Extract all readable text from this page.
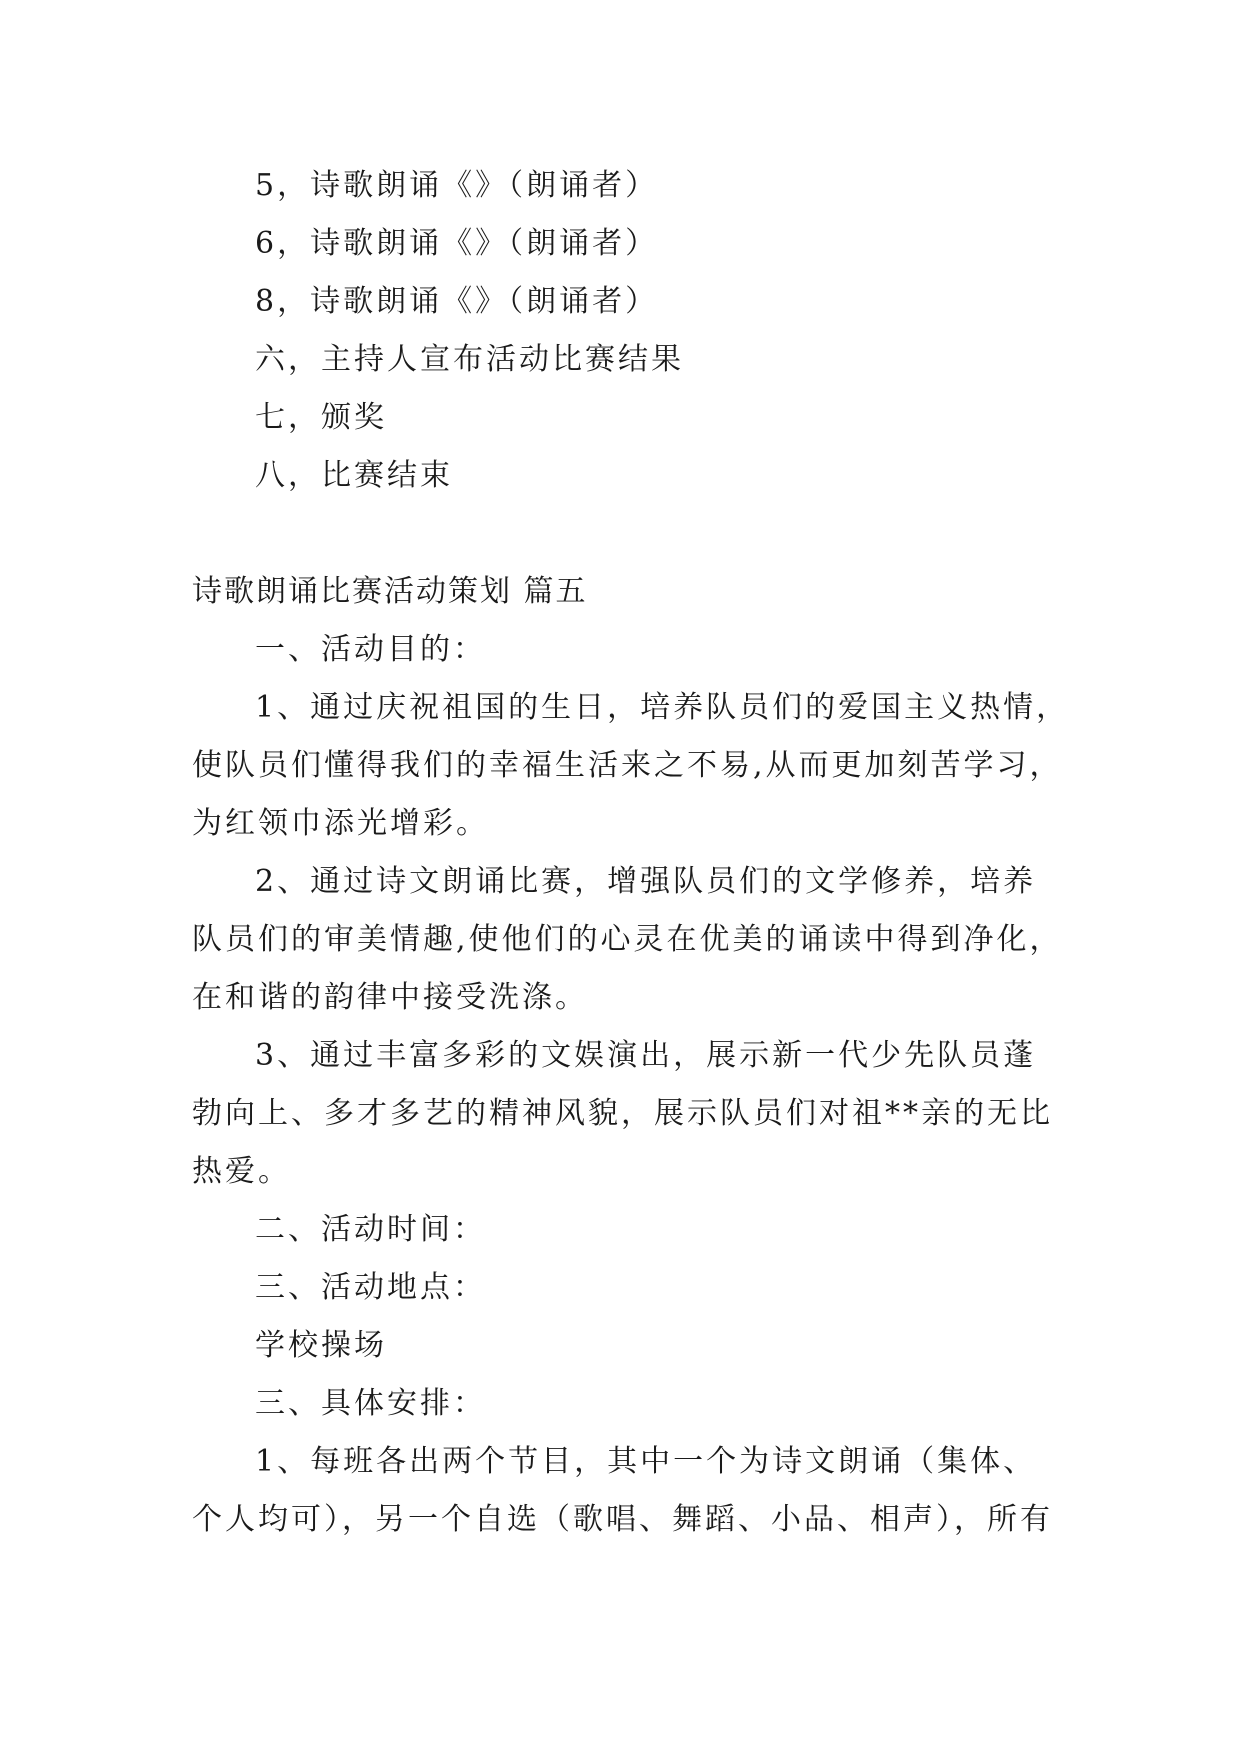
5，诗歌朗诵《》（朗诵者）
6，诗歌朗诵《》（朗诵者）
8，诗歌朗诵《》（朗诵者）
六，主持人宣布活动比赛结果
七，颁奖
八，比赛结束
诗歌朗诵比赛活动策划 篇五
一、活动目的：
1、通过庆祝祖国的生日，培养队员们的爱国主义热情，
使队员们懂得我们的幸福生活来之不易,从而更加刻苦学习，
为红领巾添光增彩。
2、通过诗文朗诵比赛，增强队员们的文学修养，培养
队员们的审美情趣,使他们的心灵在优美的诵读中得到净化，
在和谐的韵律中接受洗涤。
3、通过丰富多彩的文娱演出，展示新一代少先队员蓬
勃向上、多才多艺的精神风貌，展示队员们对祖**亲的无比
热爱。
二、活动时间：
三、活动地点：
学校操场
三、具体安排：
1、每班各出两个节目，其中一个为诗文朗诵（集体、
个人均可），另一个自选（歌唱、舞蹈、小品、相声），所有
